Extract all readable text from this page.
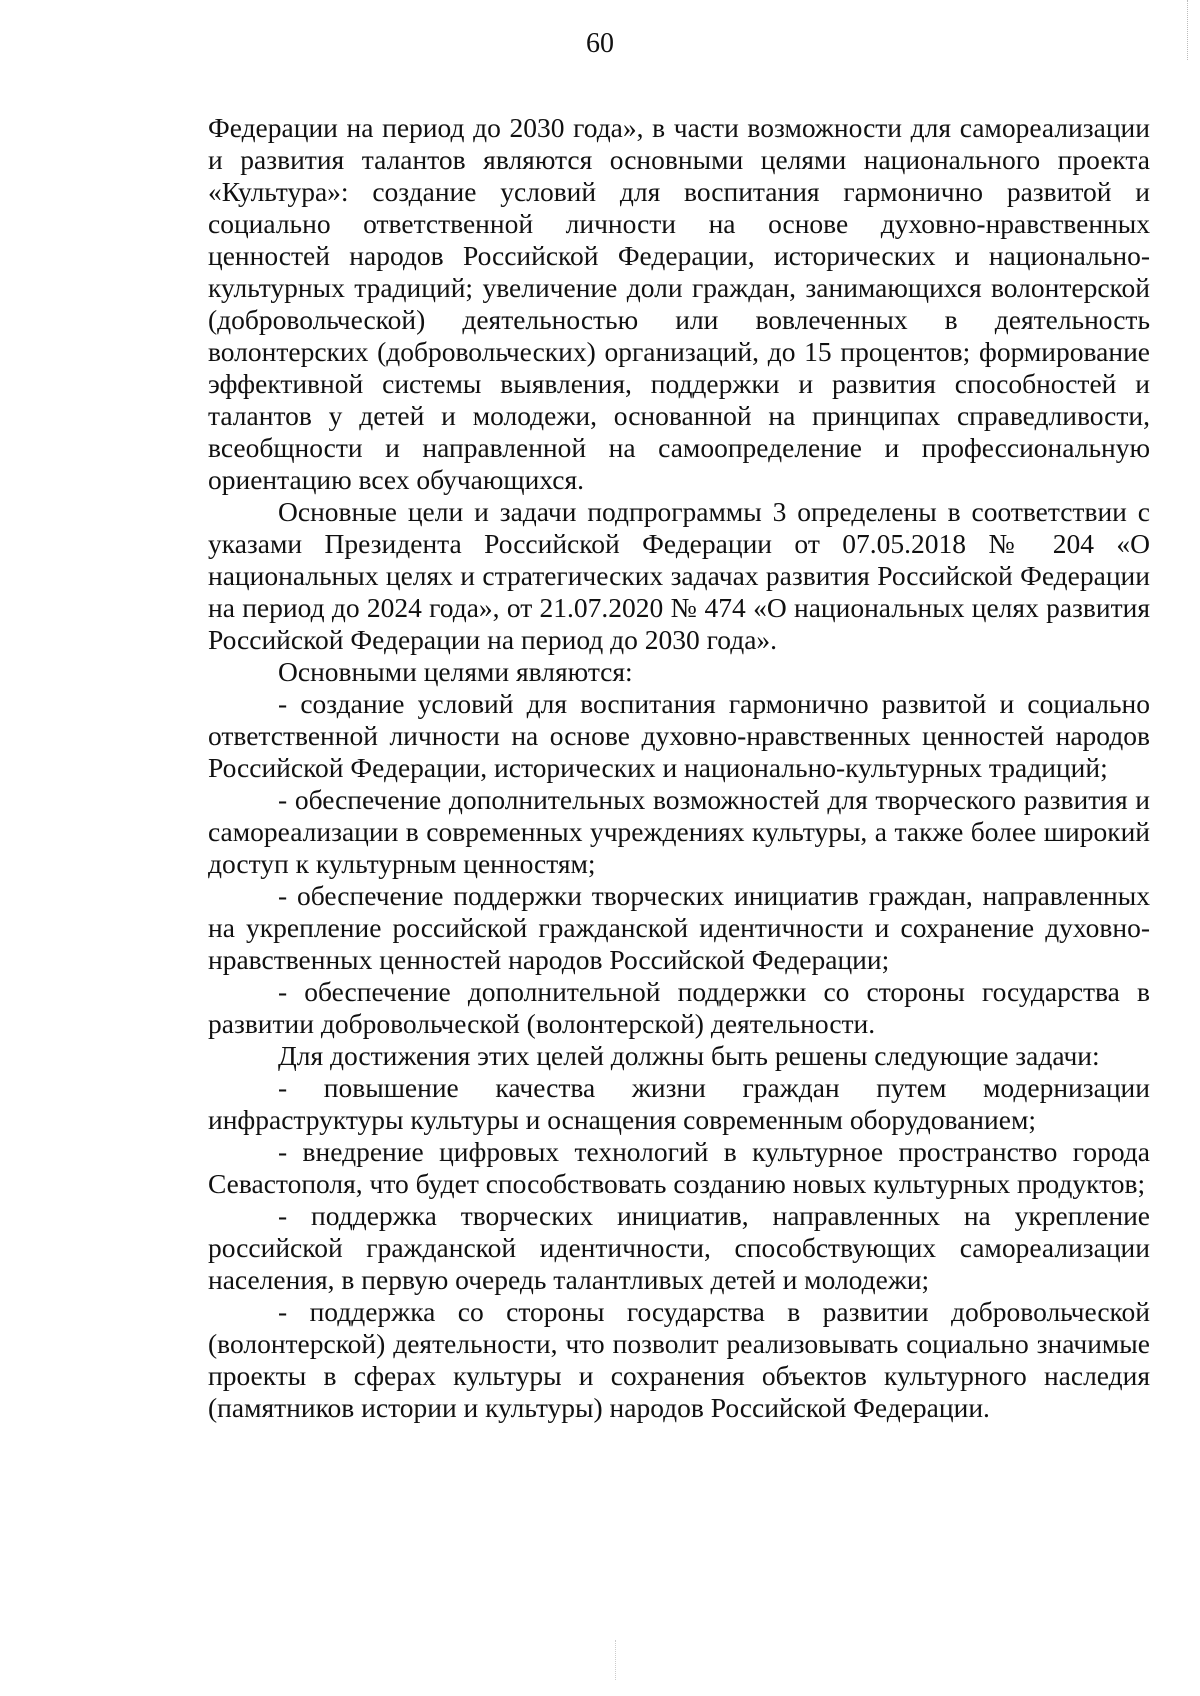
60

Федерации на период до 2030 года», в части возможности для самореализации и развития талантов являются основными целями национального проекта «Культура»: создание условий для воспитания гармонично развитой и социально ответственной личности на основе духовно-нравственных ценностей народов Российской Федерации, исторических и национально-культурных традиций; увеличение доли граждан, занимающихся волонтерской (добровольческой) деятельностью или вовлеченных в деятельность волонтерских (добровольческих) организаций, до 15 процентов; формирование эффективной системы выявления, поддержки и развития способностей и талантов у детей и молодежи, основанной на принципах справедливости, всеобщности и направленной на самоопределение и профессиональную ориентацию всех обучающихся.

Основные цели и задачи подпрограммы 3 определены в соответствии с указами Президента Российской Федерации от 07.05.2018 № 204 «О национальных целях и стратегических задачах развития Российской Федерации на период до 2024 года», от 21.07.2020 № 474 «О национальных целях развития Российской Федерации на период до 2030 года».

Основными целями являются:

- создание условий для воспитания гармонично развитой и социально ответственной личности на основе духовно-нравственных ценностей народов Российской Федерации, исторических и национально-культурных традиций;

- обеспечение дополнительных возможностей для творческого развития и самореализации в современных учреждениях культуры, а также более широкий доступ к культурным ценностям;

- обеспечение поддержки творческих инициатив граждан, направленных на укрепление российской гражданской идентичности и сохранение духовно-нравственных ценностей народов Российской Федерации;

- обеспечение дополнительной поддержки со стороны государства в развитии добровольческой (волонтерской) деятельности.

Для достижения этих целей должны быть решены следующие задачи:

- повышение качества жизни граждан путем модернизации инфраструктуры культуры и оснащения современным оборудованием;

- внедрение цифровых технологий в культурное пространство города Севастополя, что будет способствовать созданию новых культурных продуктов;

- поддержка творческих инициатив, направленных на укрепление российской гражданской идентичности, способствующих самореализации населения, в первую очередь талантливых детей и молодежи;

- поддержка со стороны государства в развитии добровольческой (волонтерской) деятельности, что позволит реализовывать социально значимые проекты в сферах культуры и сохранения объектов культурного наследия (памятников истории и культуры) народов Российской Федерации.
